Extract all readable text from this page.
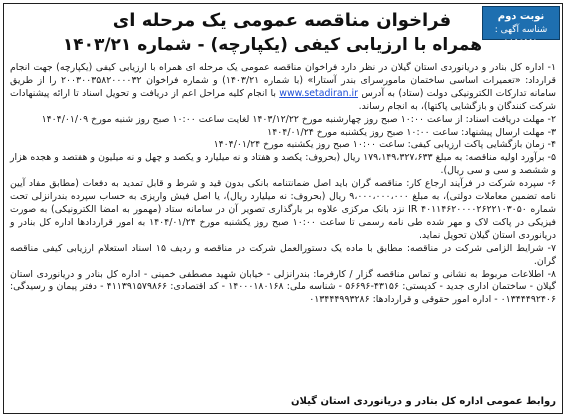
نوبت دوم
شناسه آگهی : ۱۸۵۶۵۵۱
فراخوان مناقصه عمومی یک مرحله ای
همراه با ارزیابی کیفی (یکپارچه) - شماره ۱۴۰۳/۲۱

۱- اداره کل بنادر و دریانوردی استان گیلان در نظر دارد فراخوان مناقصه عمومی یک مرحله ای همراه با ارزیابی کیفی (یکپارچه) جهت انجام قرارداد: «تعمیرات اساسی ساختمان مامورسرای بندر آستارا» (با شماره ۱۴۰۳/۲۱) و شماره فراخوان ۲۰۰۳۰۰۳۵۸۲۰۰۰۰۳۲ را از طریق سامانه تدارکات الکترونیکی دولت (ستاد) به آدرس www.setadiran.ir با انجام کلیه مراحل اعم از دریافت و تحویل اسناد تا ارائه پیشنهادات شرکت کنندگان و بازگشایی پاکتها)، به انجام رساند.

۲- مهلت دریافت اسناد: از ساعت ۱۰:۰۰ صبح روز چهارشنبه مورخ ۱۴۰۳/۱۲/۲۲ لغایت ساعت ۱۰:۰۰ صبح روز شنبه مورخ ۱۴۰۴/۰۱/۰۹

۳- مهلت ارسال پیشنهاد: ساعت ۱۰:۰۰ صبح روز یکشنبه مورخ ۱۴۰۴/۰۱/۲۴

۴- زمان بازگشایی پاکت ارزیابی کیفی: ساعت ۱۰:۰۰ صبح روز یکشنبه مورخ ۱۴۰۴/۰۱/۲۴

۵- برآورد اولیه مناقصه: به مبلغ ۱۷۹،۱۴۹،۳۲۷،۶۳۳ ریال (بحروف: یکصد و هفتاد و نه میلیارد و یکصد و چهل و نه میلیون و هفتصد و هجده هزار و ششصد و سی و سی ریال).

۶- سپرده شرکت در فرآیند ارجاع کار: مناقصه گران باید اصل ضمانتنامه بانکی بدون قید و شرط و قابل تمدید به دفعات (مطابق مفاد آیین نامه تضمین معاملات دولتی)، به مبلغ ۹،۰۰۰،۰۰۰،۰۰۰ ریال (بحروف: نه میلیارد ریال)، یا اصل فیش واریزی به حساب سپرده بندرانزلی تحت شماره ۴۰۱۱۴۶۲۰۰۰۰۲۶۲۲۱۰۳۰۵۰ IR نزد بانک مرکزی علاوه بر بارگذاری تصویر آن در سامانه ستاد (مهمور به امضا الکترونیکی) به صورت فیزیکی در پاکت لاک و مهر شده طی نامه رسمی تا ساعت ۱۰:۰۰ صبح روز یکشنبه مورخ ۱۴۰۴/۰۱/۲۴ به امور قراردادها اداره کل بنادر و دریانوردی استان گیلان تحویل نماید.

۷- شرایط الزامی شرکت در مناقصه: مطابق با ماده یک دستورالعمل شرکت در مناقصه و ردیف ۱۵ اسناد استعلام ارزیابی کیفی مناقصه گران.

۸- اطلاعات مربوط به نشانی و تماس مناقصه گزار / کارفرما: بندرانزلی - خیابان شهید مصطفی خمینی - اداره کل بنادر و دریانوردی استان گیلان - ساختمان اداری جدید - کدپستی: ۴۳۱۵۶-۵۶۶۹۶ - شناسه ملی: ۱۴۰۰۰۱۸۰۱۶۸ - کد اقتصادی: ۴۱۱۳۹۱۵۷۹۸۶۶ - دفتر پیمان و رسیدگی: ۰۱۳۴۴۴۹۲۴۰۶ - اداره امور حقوقی و قراردادها: ۰۱۳۴۴۴۹۹۳۲۸۶

روابط عمومی اداره کل بنادر و دریانوردی استان گیلان
